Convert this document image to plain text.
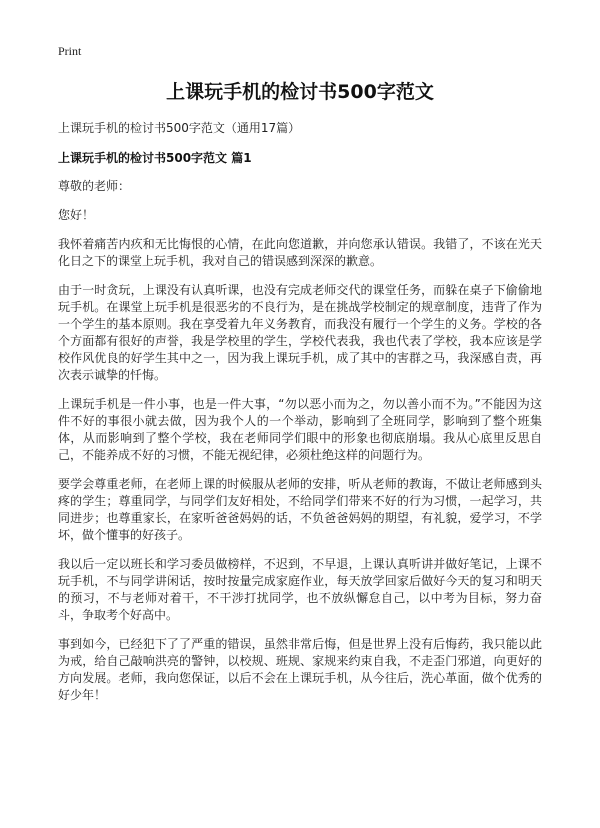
Print

上课玩手机的检讨书500字范文

上课玩手机的检讨书500字范文（通用17篇）

上课玩手机的检讨书500字范文 篇1

尊敬的老师：

您好！

我怀着痛苦内疚和无比悔恨的心情，在此向您道歉，并向您承认错误。我错了，不该在光天化日之下的课堂上玩手机，我对自己的错误感到深深的歉意。

由于一时贪玩，上课没有认真听课，也没有完成老师交代的课堂任务，而躲在桌子下偷偷地玩手机。在课堂上玩手机是很恶劣的不良行为，是在挑战学校制定的规章制度，违背了作为一个学生的基本原则。我在享受着九年义务教育，而我没有履行一个学生的义务。学校的各个方面都有很好的声誉，我是学校里的学生，学校代表我，我也代表了学校，我本应该是学校作风优良的好学生其中之一，因为我上课玩手机，成了其中的害群之马，我深感自责，再次表示诚挚的忏悔。

上课玩手机是一件小事，也是一件大事，“勿以恶小而为之，勿以善小而不为。”不能因为这件不好的事很小就去做，因为我个人的一个举动，影响到了全班同学，影响到了整个班集体，从而影响到了整个学校，我在老师同学们眼中的形象也彻底崩塌。我从心底里反思自己，不能养成不好的习惯，不能无视纪律，必须杜绝这样的问题行为。

要学会尊重老师，在老师上课的时候服从老师的安排，听从老师的教诲，不做让老师感到头疼的学生；尊重同学，与同学们友好相处，不给同学们带来不好的行为习惯，一起学习，共同进步；也尊重家长，在家听爸爸妈妈的话，不负爸爸妈妈的期望，有礼貌，爱学习，不学坏，做个懂事的好孩子。

我以后一定以班长和学习委员做榜样，不迟到，不早退，上课认真听讲并做好笔记，上课不玩手机，不与同学讲闲话，按时按量完成家庭作业，每天放学回家后做好今天的复习和明天的预习，不与老师对着干，不干涉打扰同学，也不放纵懈怠自己，以中考为目标，努力奋斗，争取考个好高中。

事到如今，已经犯下了了严重的错误，虽然非常后悔，但是世界上没有后悔药，我只能以此为戒，给自己敲响洪亮的警钟，以校规、班规、家规来约束自我，不走歪门邪道，向更好的方向发展。老师，我向您保证，以后不会在上课玩手机，从今往后，洗心革面，做个优秀的好少年！
